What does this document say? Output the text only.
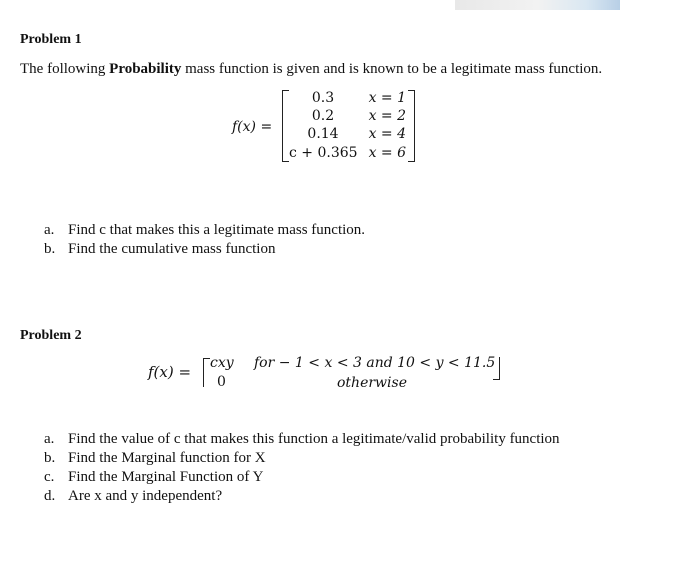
Problem 1
The following Probability mass function is given and is known to be a legitimate mass function.
f(x) =
0.3
0.2
0.14
c + 0.365
x = 1
x = 2
x = 4
x = 6
a. Find c that makes this a legitimate mass function.
b. Find the cumulative mass function
Problem 2
f(x) = cxy for − 1 < x < 3 and 10 < y < 11.5
0	otherwise
a. Find the value of c that makes this function a legitimate/valid probability function
b. Find the Marginal function for X
c. Find the Marginal Function of Y
d. Are x and y independent?
